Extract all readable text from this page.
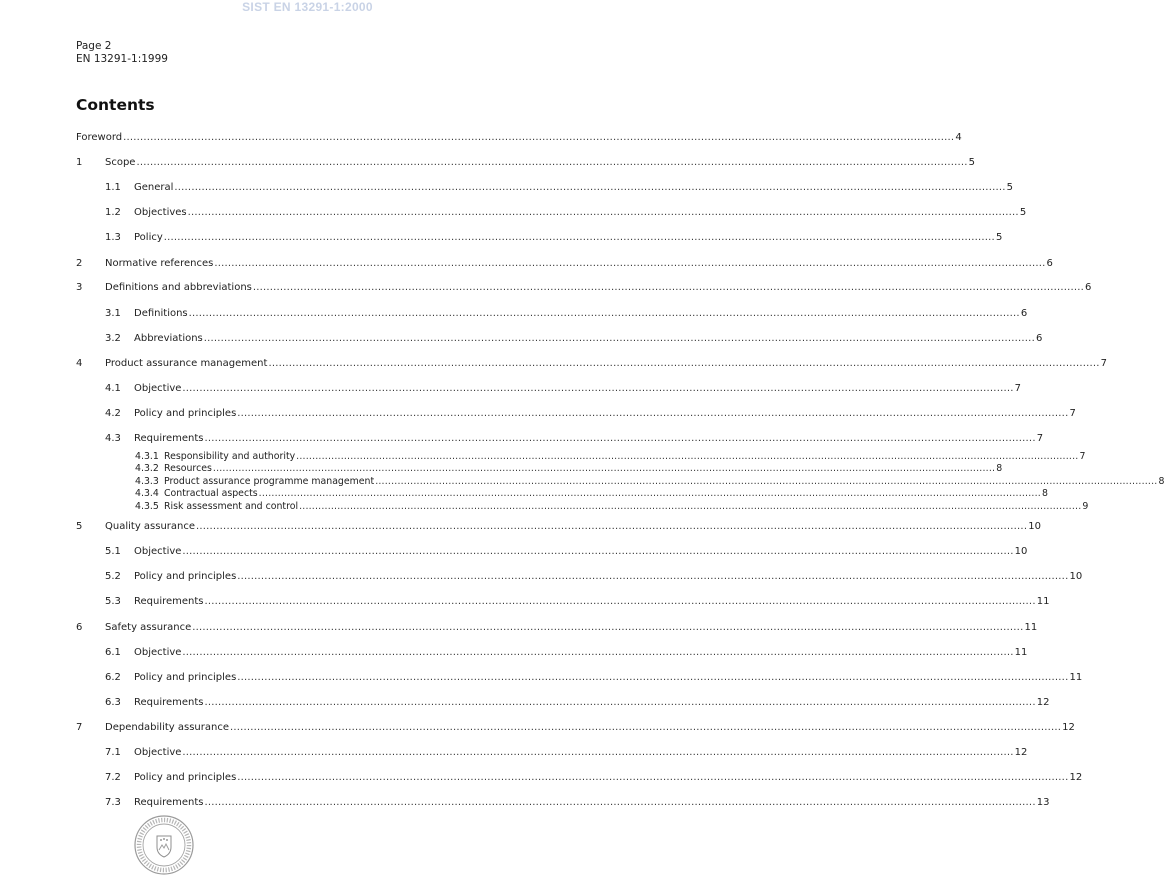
SIST EN 13291-1:2000
Page 2
EN 13291-1:1999
Contents
Foreword ...................................................................................................................................................................................................................................................... 4
1	Scope ...................................................................................................................................................................................................................................................... 5
1.1	General ...................................................................................................................................................................................................................................................... 5
1.2	Objectives ...................................................................................................................................................................................................................................................... 5
1.3	Policy ...................................................................................................................................................................................................................................................... 5
2	Normative references ...................................................................................................................................................................................................................................................... 6
3	Definitions and abbreviations ...................................................................................................................................................................................................................................................... 6
3.1	Definitions ...................................................................................................................................................................................................................................................... 6
3.2	Abbreviations ...................................................................................................................................................................................................................................................... 6
4	Product assurance management ...................................................................................................................................................................................................................................................... 7
4.1	Objective ...................................................................................................................................................................................................................................................... 7
4.2	Policy and principles ...................................................................................................................................................................................................................................................... 7
4.3	Requirements ...................................................................................................................................................................................................................................................... 7
4.3.1 Responsibility and authority ...................................................................................................................................................................................................................................................... 7
4.3.2 Resources ...................................................................................................................................................................................................................................................... 8
4.3.3 Product assurance programme management ...................................................................................................................................................................................................................................................... 8
4.3.4 Contractual aspects ...................................................................................................................................................................................................................................................... 8
4.3.5 Risk assessment and control ...................................................................................................................................................................................................................................................... 9
5	Quality assurance ...................................................................................................................................................................................................................................................... 10
5.1	Objective ...................................................................................................................................................................................................................................................... 10
5.2	Policy and principles ...................................................................................................................................................................................................................................................... 10
5.3	Requirements ...................................................................................................................................................................................................................................................... 11
6	Safety assurance ...................................................................................................................................................................................................................................................... 11
6.1	Objective ...................................................................................................................................................................................................................................................... 11
6.2	Policy and principles ...................................................................................................................................................................................................................................................... 11
6.3	Requirements ...................................................................................................................................................................................................................................................... 12
7	Dependability assurance ...................................................................................................................................................................................................................................................... 12
7.1	Objective ...................................................................................................................................................................................................................................................... 12
7.2	Policy and principles ...................................................................................................................................................................................................................................................... 12
7.3	Requirements ...................................................................................................................................................................................................................................................... 13
